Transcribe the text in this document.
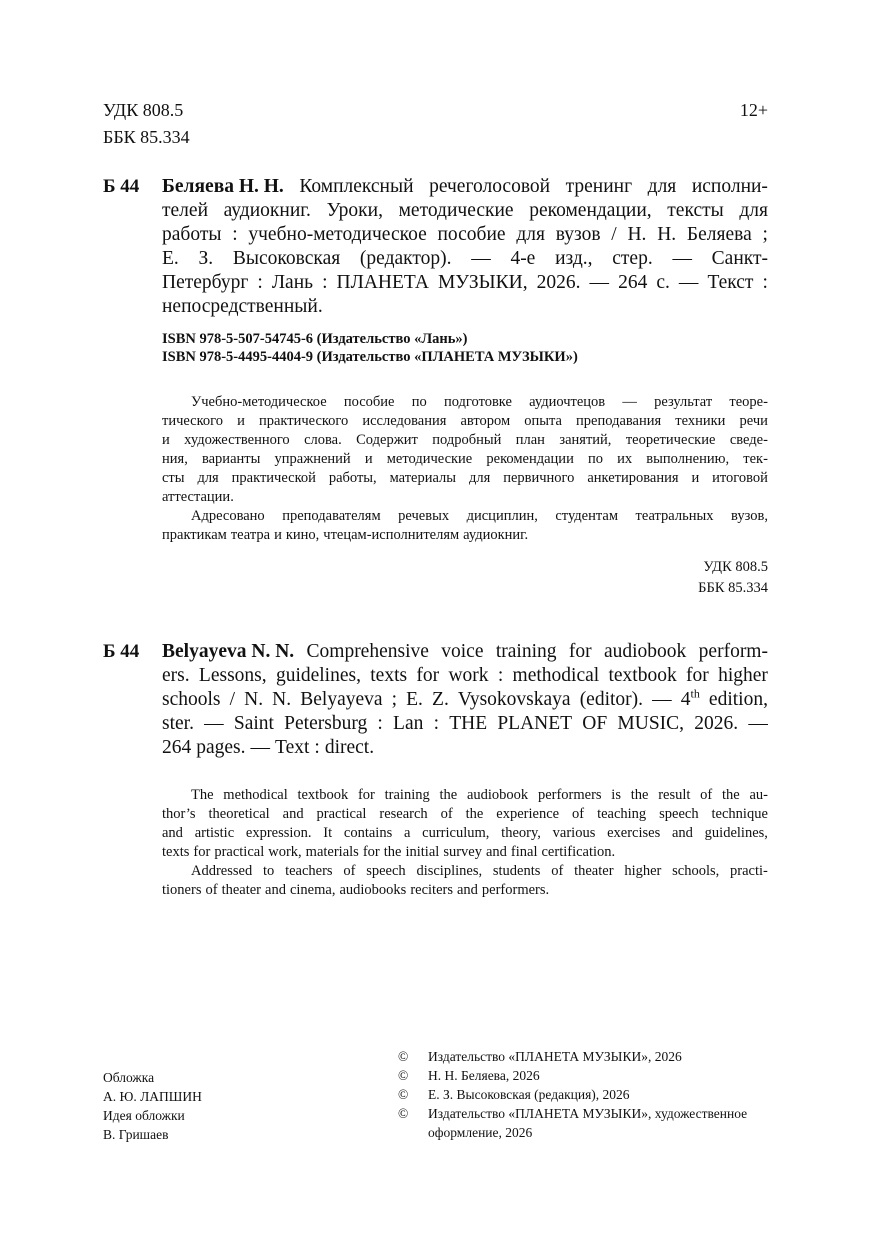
УДК 808.5
ББК 85.334
12+
Б 44 Беляева Н. Н. Комплексный речеголосовой тренинг для исполни-
телей аудиокниг. Уроки, методические рекомендации, тексты для
работы : учебно-методическое пособие для вузов / Н. Н. Беляева ;
Е. З. Высоковская (редактор). — 4-е изд., стер. — Санкт-
Петербург : Лань : ПЛАНЕТА МУЗЫКИ, 2026. — 264 с. — Текст :
непосредственный.
ISBN 978-5-507-54745-6 (Издательство «Лань»)
ISBN 978-5-4495-4404-9 (Издательство «ПЛАНЕТА МУЗЫКИ»)
Учебно-методическое пособие по подготовке аудиочтецов — результат теоре-
тического и практического исследования автором опыта преподавания техники речи
и художественного слова. Содержит подробный план занятий, теоретические сведе-
ния, варианты упражнений и методические рекомендации по их выполнению, тек-
сты для практической работы, материалы для первичного анкетирования и итоговой
аттестации.
Адресовано преподавателям речевых дисциплин, студентам театральных вузов,
практикам театра и кино, чтецам-исполнителям аудиокниг.
УДК 808.5
ББК 85.334
Б 44 Belyayeva N. N. Comprehensive voice training for audiobook perform-
ers. Lessons, guidelines, texts for work : methodical textbook for higher
schools / N. N. Belyayeva ; E. Z. Vysokovskaya (editor). — 4th edition,
ster. — Saint Petersburg : Lan : THE PLANET OF MUSIC, 2026. —
264 pages. — Text : direct.
The methodical textbook for training the audiobook performers is the result of the au-
thor’s theoretical and practical research of the experience of teaching speech technique
and artistic expression. It contains a curriculum, theory, various exercises and guidelines,
texts for practical work, materials for the initial survey and final certification.
Addressed to teachers of speech disciplines, students of theater higher schools, practi-
tioners of theater and cinema, audiobooks reciters and performers.
Обложка
А. Ю. ЛАПШИН
Идея обложки
В. Гришаев
©	Издательство «ПЛАНЕТА МУЗЫКИ», 2026
©	Н. Н. Беляева, 2026
©	Е. З. Высоковская (редакция), 2026
©	Издательство «ПЛАНЕТА МУЗЫКИ», художественное
оформление, 2026
